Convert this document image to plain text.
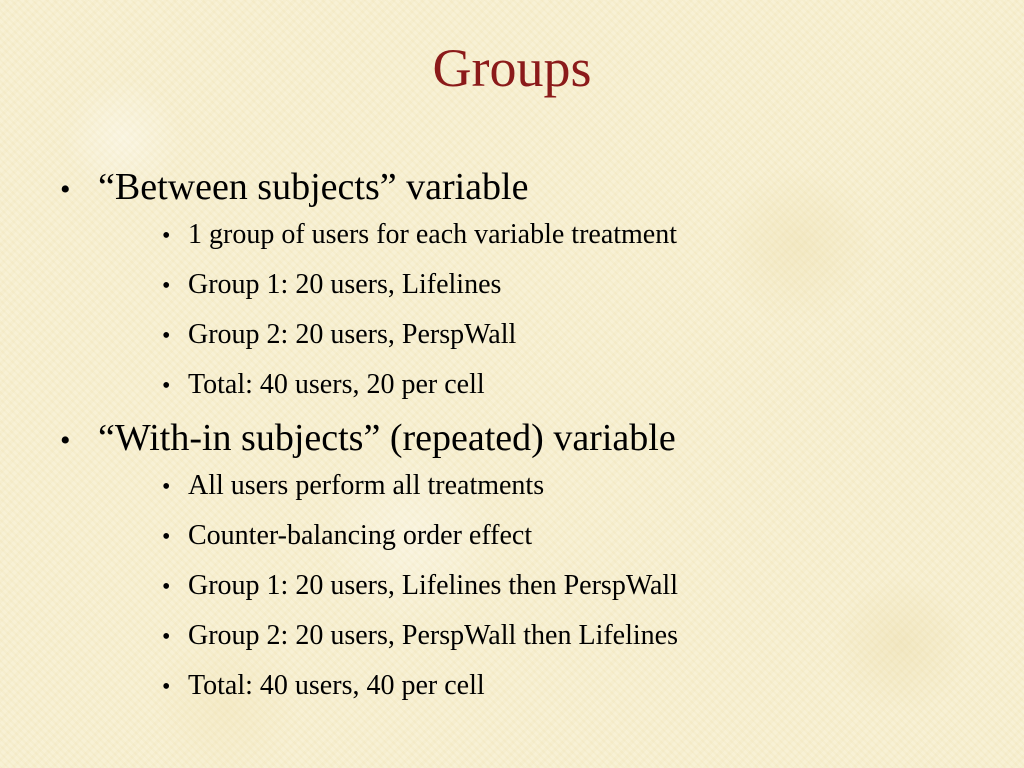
Groups
• “Between subjects” variable
• 1 group of users for each variable treatment
• Group 1: 20 users, Lifelines
• Group 2: 20 users, PerspWall
• Total: 40 users, 20 per cell
• “With-in subjects” (repeated) variable
• All users perform all treatments
• Counter-balancing order effect
• Group 1: 20 users, Lifelines then PerspWall
• Group 2: 20 users, PerspWall then Lifelines
• Total: 40 users, 40 per cell
